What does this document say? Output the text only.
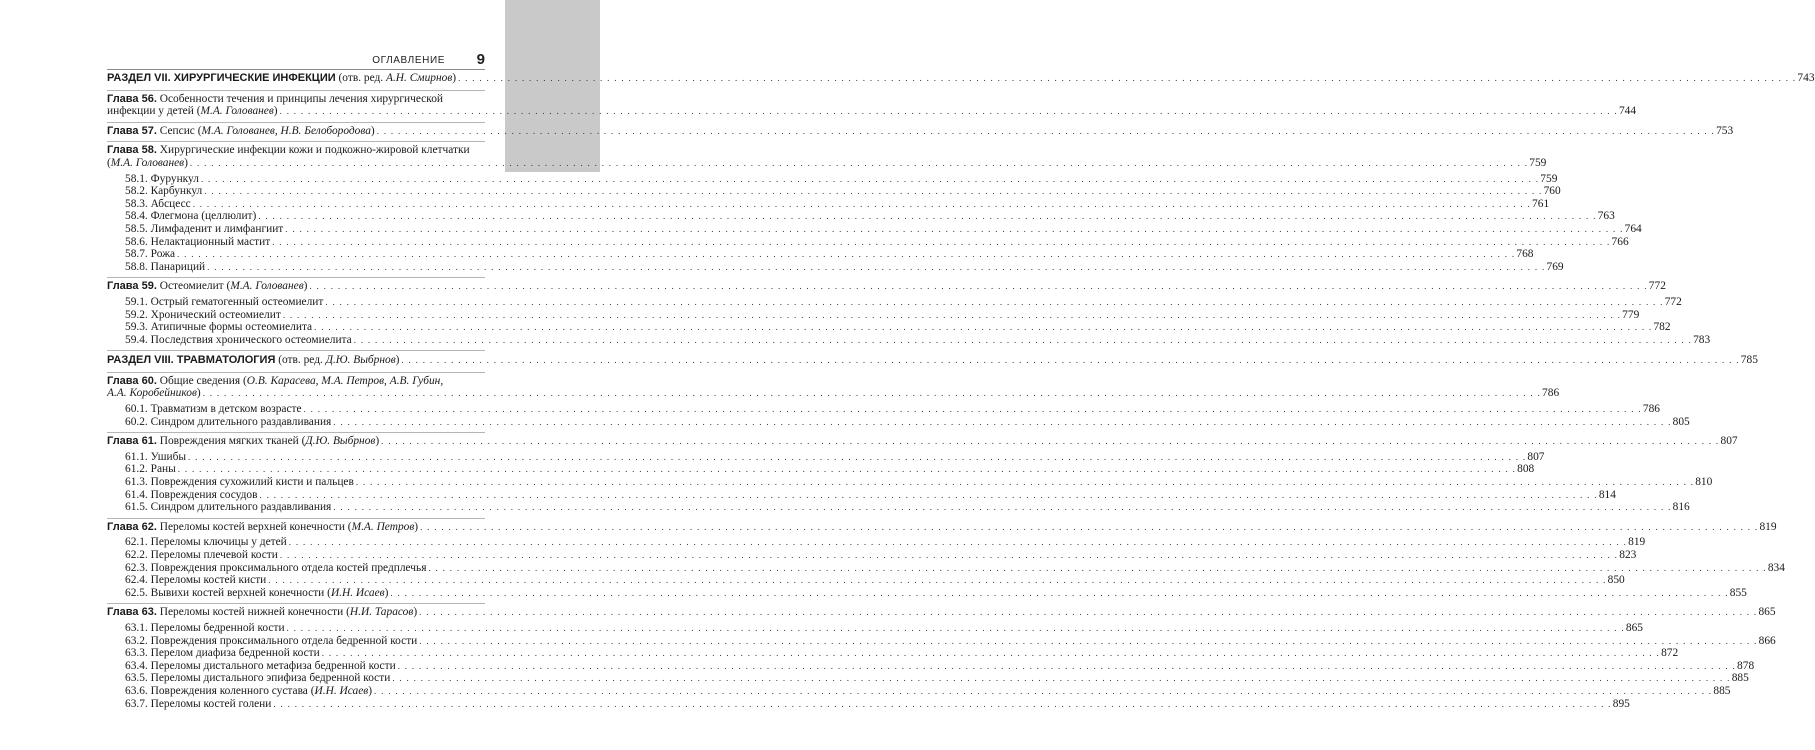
ОГЛАВЛЕНИЕ 9
РАЗДЕЛ VII. ХИРУРГИЧЕСКИЕ ИНФЕКЦИИ (отв. ред. А.Н. Смирнов) . . .	743
Глава 56. Особенности течения и принципы лечения хирургической
инфекции у детей (М.А. Голованев) . . .	744
Глава 57. Сепсис (М.А. Голованев, Н.В. Белобородова) . . .	753
Глава 58. Хирургические инфекции кожи и подкожно-жировой клетчатки
(М.А. Голованев) . . .	759
58.1. Фурункул . . .	759
58.2. Карбункул . . .	760
58.3. Абсцесс . . .	761
58.4. Флегмона (целлюлит) . . .	763
58.5. Лимфаденит и лимфангиит . . .	764
58.6. Нелактационный мастит . . .	766
58.7. Рожа . . .	768
58.8. Панариций . . .	769
Глава 59. Остеомиелит (М.А. Голованев) . . .	772
59.1. Острый гематогенный остеомиелит . . .	772
59.2. Хронический остеомиелит . . .	779
59.3. Атипичные формы остеомиелита . . .	782
59.4. Последствия хронического остеомиелита . . .	783
РАЗДЕЛ VIII. ТРАВМАТОЛОГИЯ (отв. ред. Д.Ю. Выбрнов) . . .	785
Глава 60. Общие сведения (О.В. Карасева, М.А. Петров, А.В. Губин,
А.А. Коробейников) . . .	786
60.1. Травматизм в детском возрасте . . .	786
60.2. Синдром длительного раздавливания . . .	805
Глава 61. Повреждения мягких тканей (Д.Ю. Выбрнов) . . .	807
61.1. Ушибы . . .	807
61.2. Раны . . .	808
61.3. Повреждения сухожилий кисти и пальцев . . .	810
61.4. Повреждения сосудов . . .	814
61.5. Синдром длительного раздавливания . . .	816
Глава 62. Переломы костей верхней конечности (М.А. Петров) . . .	819
62.1. Переломы ключицы у детей . . .	819
62.2. Переломы плечевой кости . . .	823
62.3. Повреждения проксимального отдела костей предплечья . . .	834
62.4. Переломы костей кисти . . .	850
62.5. Вывихи костей верхней конечности (И.Н. Исаев) . . .	855
Глава 63. Переломы костей нижней конечности (Н.И. Тарасов) . . .	865
63.1. Переломы бедренной кости . . .	865
63.2. Повреждения проксимального отдела бедренной кости . . .	866
63.3. Перелом диафиза бедренной кости . . .	872
63.4. Переломы дистального метафиза бедренной кости . . .	878
63.5. Переломы дистального эпифиза бедренной кости . . .	885
63.6. Повреждения коленного сустава (И.Н. Исаев) . . .	885
63.7. Переломы костей голени . . .	895
